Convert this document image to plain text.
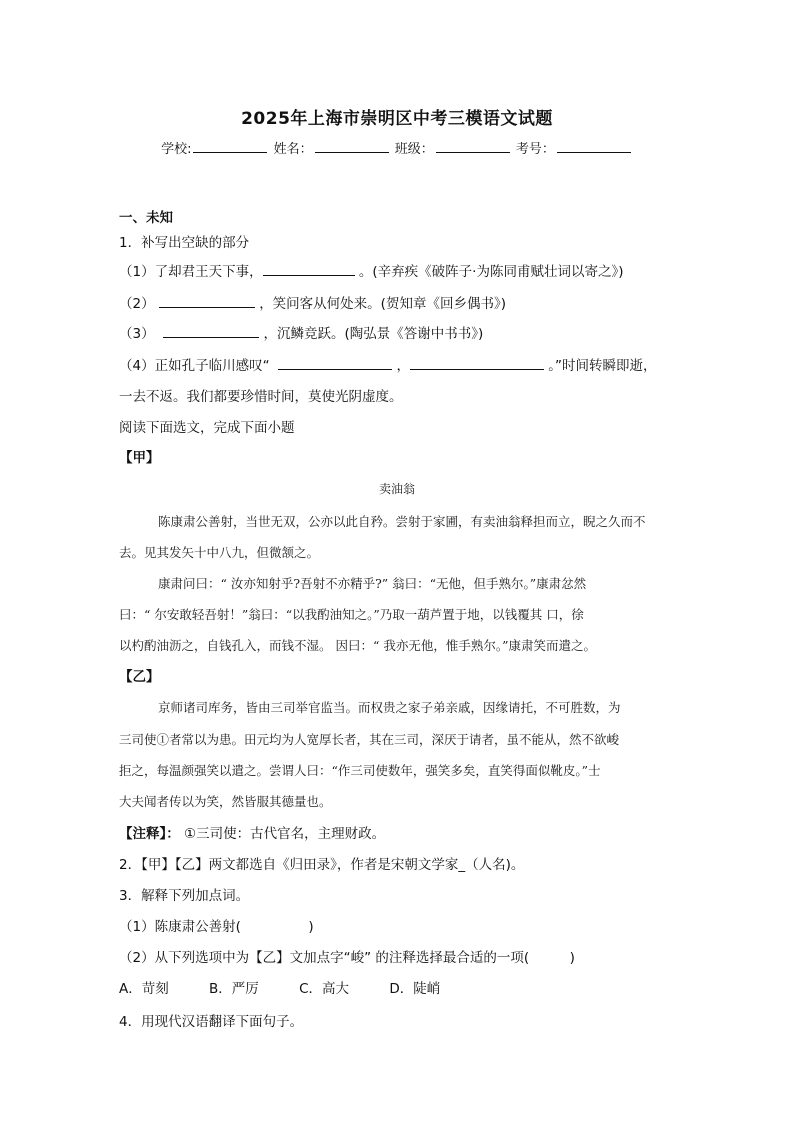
2025年上海市崇明区中考三模语文试题
学校:	姓名：	班级：	考号：
一、未知
1．补写出空缺的部分
（1）了却君王天下事，	。(辛弃疾《破阵子·为陈同甫赋壮词以寄之》)
（2）	，笑问客从何处来。(贺知章《回乡偶书》)
（3）	，沉鳞竞跃。(陶弘景《答谢中书书》)
（4）正如孔子临川感叹“	，	。”时间转瞬即逝，
一去不返。我们都要珍惜时间，莫使光阴虚度。
阅读下面选文，完成下面小题
【甲】
卖油翁
陈康肃公善射，当世无双，公亦以此自矜。尝射于家圃，有卖油翁释担而立，睨之久而不
去。见其发矢十中八九，但微颔之。
康肃问曰：“ 汝亦知射乎?吾射不亦精乎?” 翁曰：“无他，但手熟尔。”康肃忿然
曰：“ 尔安敢轻吾射！”翁曰：“以我酌油知之。”乃取一葫芦置于地，以钱覆其 口，徐
以杓酌油沥之，自钱孔入，而钱不湿。 因曰：“ 我亦无他，惟手熟尔。”康肃笑而遣之。
【乙】
京师诸司库务，皆由三司举官监当。而权贵之家子弟亲戚，因缘请托，不可胜数，为
三司使①者常以为患。田元均为人宽厚长者，其在三司，深厌于请者，虽不能从，然不欲峻
拒之，每温颜强笑以遣之。尝谓人曰：“作三司使数年，强笑多矣，直笑得面似靴皮。”士
大夫闻者传以为笑，然皆服其德量也。
【注释】： ①三司使：古代官名，主理财政。
2．【甲】【乙】两文都选自《归田录》，作者是宋朝文学家_（人名)。
3．解释下列加点词。
（1）陈康肃公善射(　　　　　)
（2）从下列选项中为【乙】文加点字“峻” 的注释选择最合适的一项(　　　)
A．苛刻	B．严厉	C．高大	D．陡峭
4．用现代汉语翻译下面句子。
